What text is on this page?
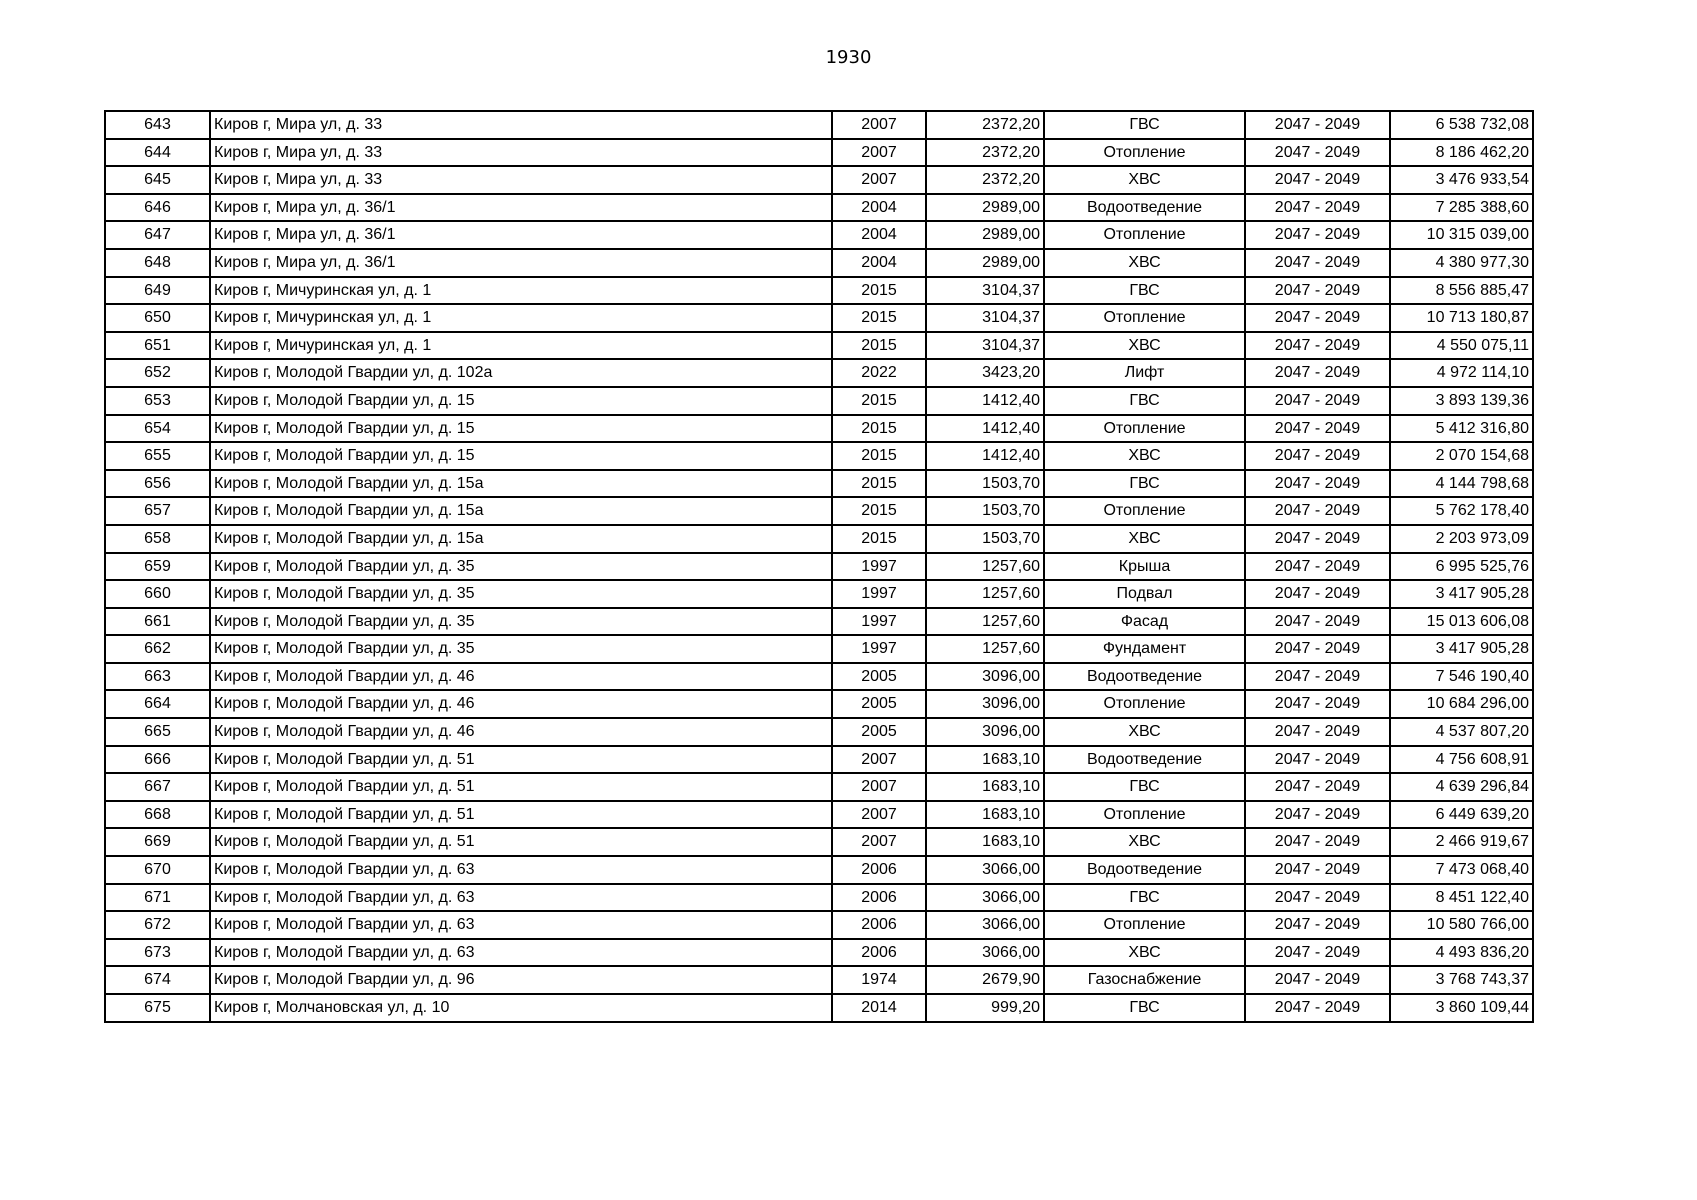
1930
643	Киров г, Мира ул, д. 33	2007	2372,20	ГВС	2047 - 2049	6 538 732,08
644	Киров г, Мира ул, д. 33	2007	2372,20	Отопление	2047 - 2049	8 186 462,20
645	Киров г, Мира ул, д. 33	2007	2372,20	ХВС	2047 - 2049	3 476 933,54
646	Киров г, Мира ул, д. 36/1	2004	2989,00	Водоотведение	2047 - 2049	7 285 388,60
647	Киров г, Мира ул, д. 36/1	2004	2989,00	Отопление	2047 - 2049	10 315 039,00
648	Киров г, Мира ул, д. 36/1	2004	2989,00	ХВС	2047 - 2049	4 380 977,30
649	Киров г, Мичуринская ул, д. 1	2015	3104,37	ГВС	2047 - 2049	8 556 885,47
650	Киров г, Мичуринская ул, д. 1	2015	3104,37	Отопление	2047 - 2049	10 713 180,87
651	Киров г, Мичуринская ул, д. 1	2015	3104,37	ХВС	2047 - 2049	4 550 075,11
652	Киров г, Молодой Гвардии ул, д. 102а	2022	3423,20	Лифт	2047 - 2049	4 972 114,10
653	Киров г, Молодой Гвардии ул, д. 15	2015	1412,40	ГВС	2047 - 2049	3 893 139,36
654	Киров г, Молодой Гвардии ул, д. 15	2015	1412,40	Отопление	2047 - 2049	5 412 316,80
655	Киров г, Молодой Гвардии ул, д. 15	2015	1412,40	ХВС	2047 - 2049	2 070 154,68
656	Киров г, Молодой Гвардии ул, д. 15а	2015	1503,70	ГВС	2047 - 2049	4 144 798,68
657	Киров г, Молодой Гвардии ул, д. 15а	2015	1503,70	Отопление	2047 - 2049	5 762 178,40
658	Киров г, Молодой Гвардии ул, д. 15а	2015	1503,70	ХВС	2047 - 2049	2 203 973,09
659	Киров г, Молодой Гвардии ул, д. 35	1997	1257,60	Крыша	2047 - 2049	6 995 525,76
660	Киров г, Молодой Гвардии ул, д. 35	1997	1257,60	Подвал	2047 - 2049	3 417 905,28
661	Киров г, Молодой Гвардии ул, д. 35	1997	1257,60	Фасад	2047 - 2049	15 013 606,08
662	Киров г, Молодой Гвардии ул, д. 35	1997	1257,60	Фундамент	2047 - 2049	3 417 905,28
663	Киров г, Молодой Гвардии ул, д. 46	2005	3096,00	Водоотведение	2047 - 2049	7 546 190,40
664	Киров г, Молодой Гвардии ул, д. 46	2005	3096,00	Отопление	2047 - 2049	10 684 296,00
665	Киров г, Молодой Гвардии ул, д. 46	2005	3096,00	ХВС	2047 - 2049	4 537 807,20
666	Киров г, Молодой Гвардии ул, д. 51	2007	1683,10	Водоотведение	2047 - 2049	4 756 608,91
667	Киров г, Молодой Гвардии ул, д. 51	2007	1683,10	ГВС	2047 - 2049	4 639 296,84
668	Киров г, Молодой Гвардии ул, д. 51	2007	1683,10	Отопление	2047 - 2049	6 449 639,20
669	Киров г, Молодой Гвардии ул, д. 51	2007	1683,10	ХВС	2047 - 2049	2 466 919,67
670	Киров г, Молодой Гвардии ул, д. 63	2006	3066,00	Водоотведение	2047 - 2049	7 473 068,40
671	Киров г, Молодой Гвардии ул, д. 63	2006	3066,00	ГВС	2047 - 2049	8 451 122,40
672	Киров г, Молодой Гвардии ул, д. 63	2006	3066,00	Отопление	2047 - 2049	10 580 766,00
673	Киров г, Молодой Гвардии ул, д. 63	2006	3066,00	ХВС	2047 - 2049	4 493 836,20
674	Киров г, Молодой Гвардии ул, д. 96	1974	2679,90	Газоснабжение	2047 - 2049	3 768 743,37
675	Киров г, Молчановская ул, д. 10	2014	999,20	ГВС	2047 - 2049	3 860 109,44
